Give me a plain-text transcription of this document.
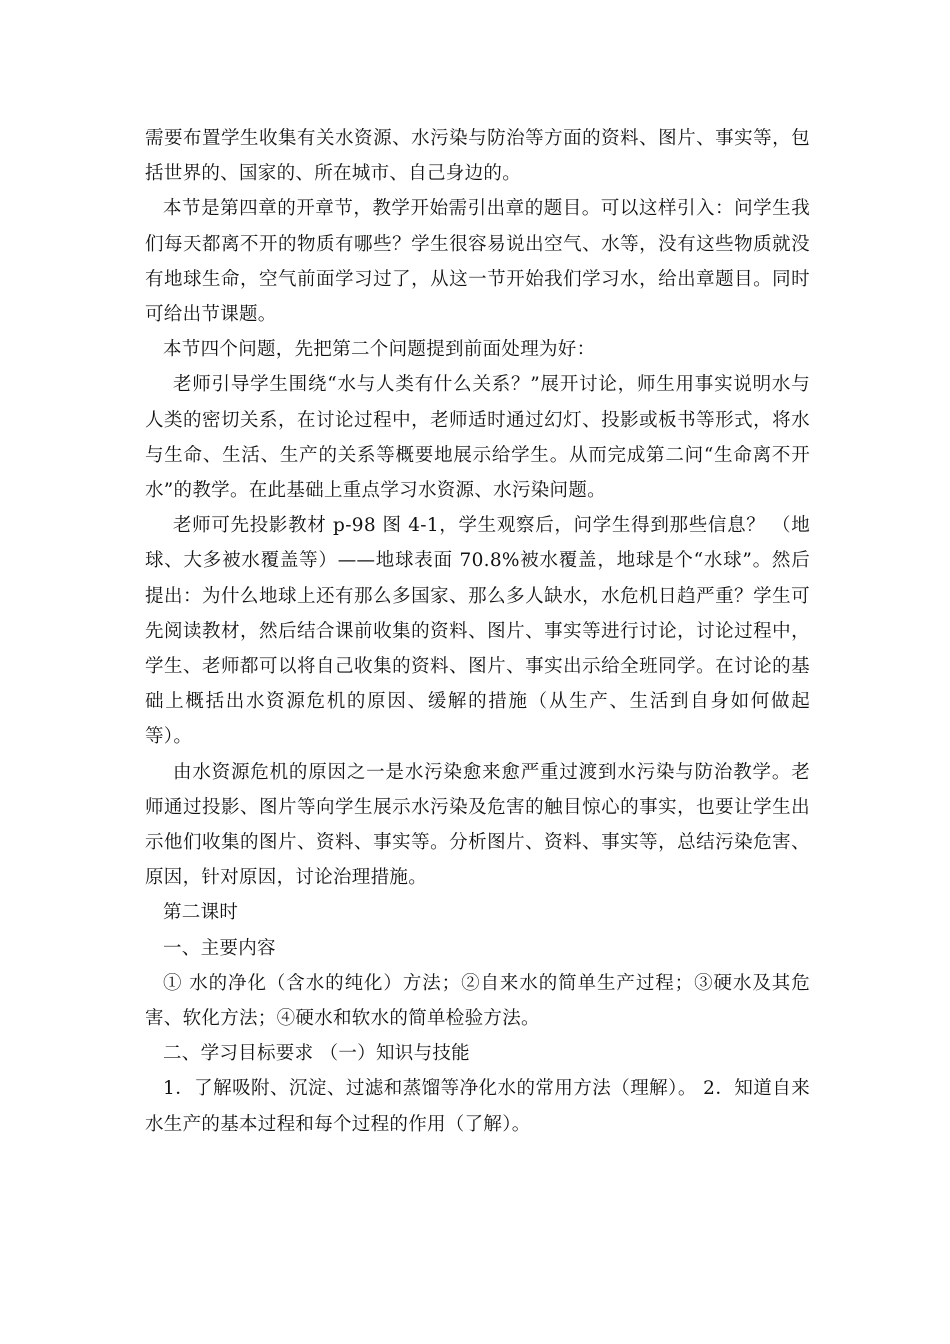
需要布置学生收集有关水资源、水污染与防治等方面的资料、图片、事实等，包括世界的、国家的、所在城市、自己身边的。

本节是第四章的开章节，教学开始需引出章的题目。可以这样引入：问学生我们每天都离不开的物质有哪些？学生很容易说出空气、水等，没有这些物质就没有地球生命，空气前面学习过了，从这一节开始我们学习水，给出章题目。同时可给出节课题。

本节四个问题，先把第二个问题提到前面处理为好：

老师引导学生围绕“水与人类有什么关系？”展开讨论，师生用事实说明水与人类的密切关系，在讨论过程中，老师适时通过幻灯、投影或板书等形式，将水与生命、生活、生产的关系等概要地展示给学生。从而完成第二问“生命离不开水”的教学。在此基础上重点学习水资源、水污染问题。

老师可先投影教材 p-98 图 4-1，学生观察后，问学生得到那些信息？ （地球、大多被水覆盖等）——地球表面 70.8%被水覆盖，地球是个“水球”。然后提出：为什么地球上还有那么多国家、那么多人缺水，水危机日趋严重？学生可先阅读教材，然后结合课前收集的资料、图片、事实等进行讨论，讨论过程中，学生、老师都可以将自己收集的资料、图片、事实出示给全班同学。在讨论的基础上概括出水资源危机的原因、缓解的措施（从生产、生活到自身如何做起等）。

由水资源危机的原因之一是水污染愈来愈严重过渡到水污染与防治教学。老师通过投影、图片等向学生展示水污染及危害的触目惊心的事实，也要让学生出示他们收集的图片、资料、事实等。分析图片、资料、事实等，总结污染危害、原因，针对原因，讨论治理措施。

第二课时

一、主要内容

① 水的净化（含水的纯化）方法；②自来水的简单生产过程；③硬水及其危害、软化方法；④硬水和软水的简单检验方法。

二、学习目标要求 （一）知识与技能

1．了解吸附、沉淀、过滤和蒸馏等净化水的常用方法（理解）。 2．知道自来水生产的基本过程和每个过程的作用（了解）。
